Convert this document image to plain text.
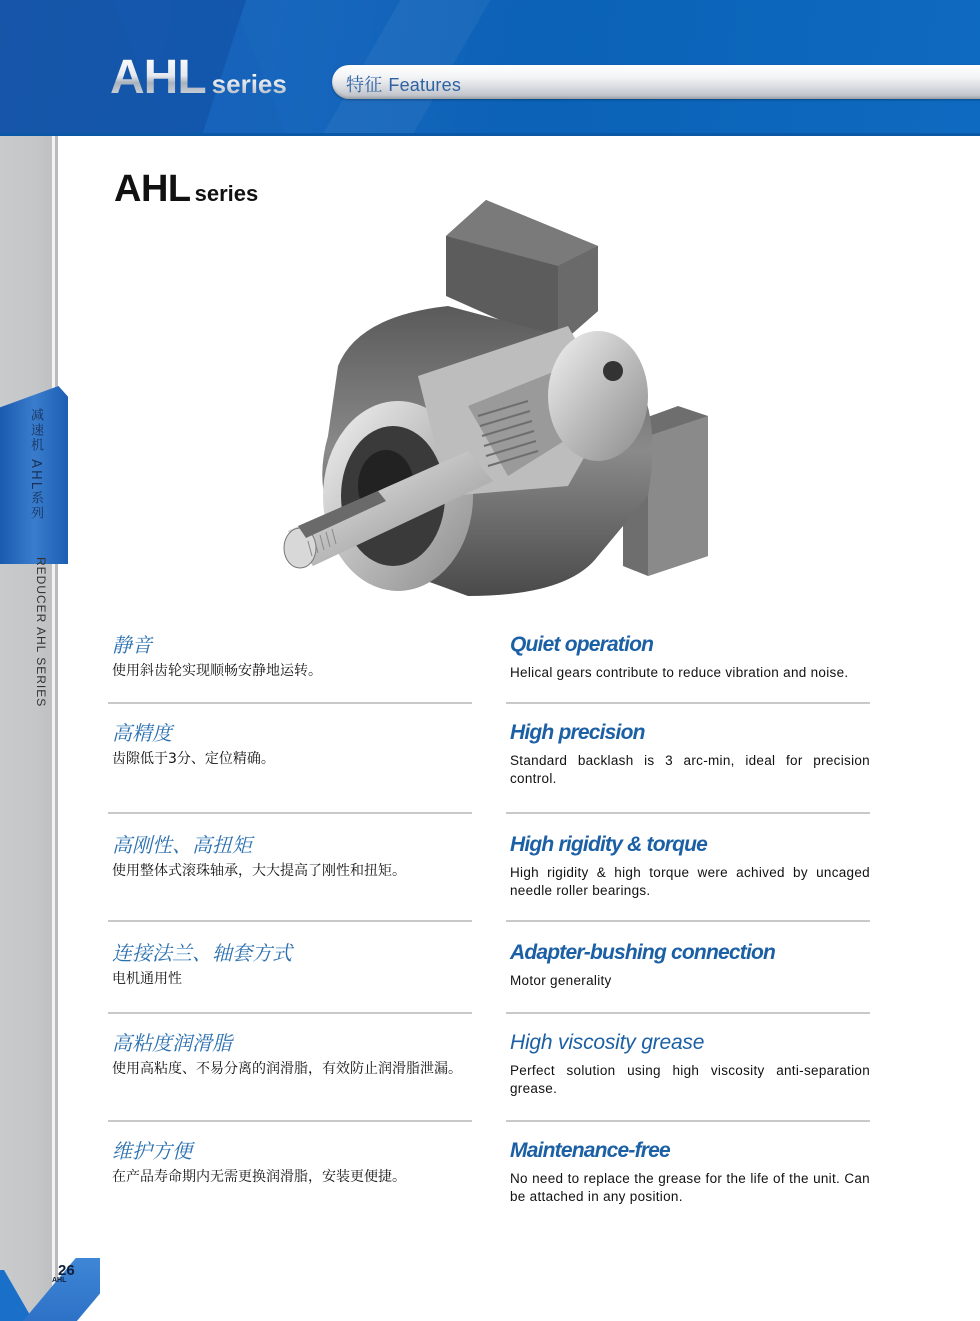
AHL series	特征 Features
减速机 AHL系列
REDUCER AHL SERIES
26
AHL
AHL series
静音
使用斜齿轮实现顺畅安静地运转。
Quiet operation
Helical gears contribute to reduce vibration and noise.
高精度
齿隙低于3分、定位精确。
High precision
Standard backlash is 3 arc-min, ideal for precision control.
高刚性、高扭矩
使用整体式滚珠轴承，大大提高了刚性和扭矩。
High rigidity & torque
High rigidity & high torque were achived by uncaged needle roller bearings.
连接法兰、轴套方式
电机通用性
Adapter-bushing connection
Motor generality
高粘度润滑脂
使用高粘度、不易分离的润滑脂，有效防止润滑脂泄漏。
High viscosity grease
Perfect solution using high viscosity anti-separation grease.
维护方便
在产品寿命期内无需更换润滑脂，安装更便捷。
Maintenance-free
No need to replace the grease for the life of the unit. Can be attached in any position.
